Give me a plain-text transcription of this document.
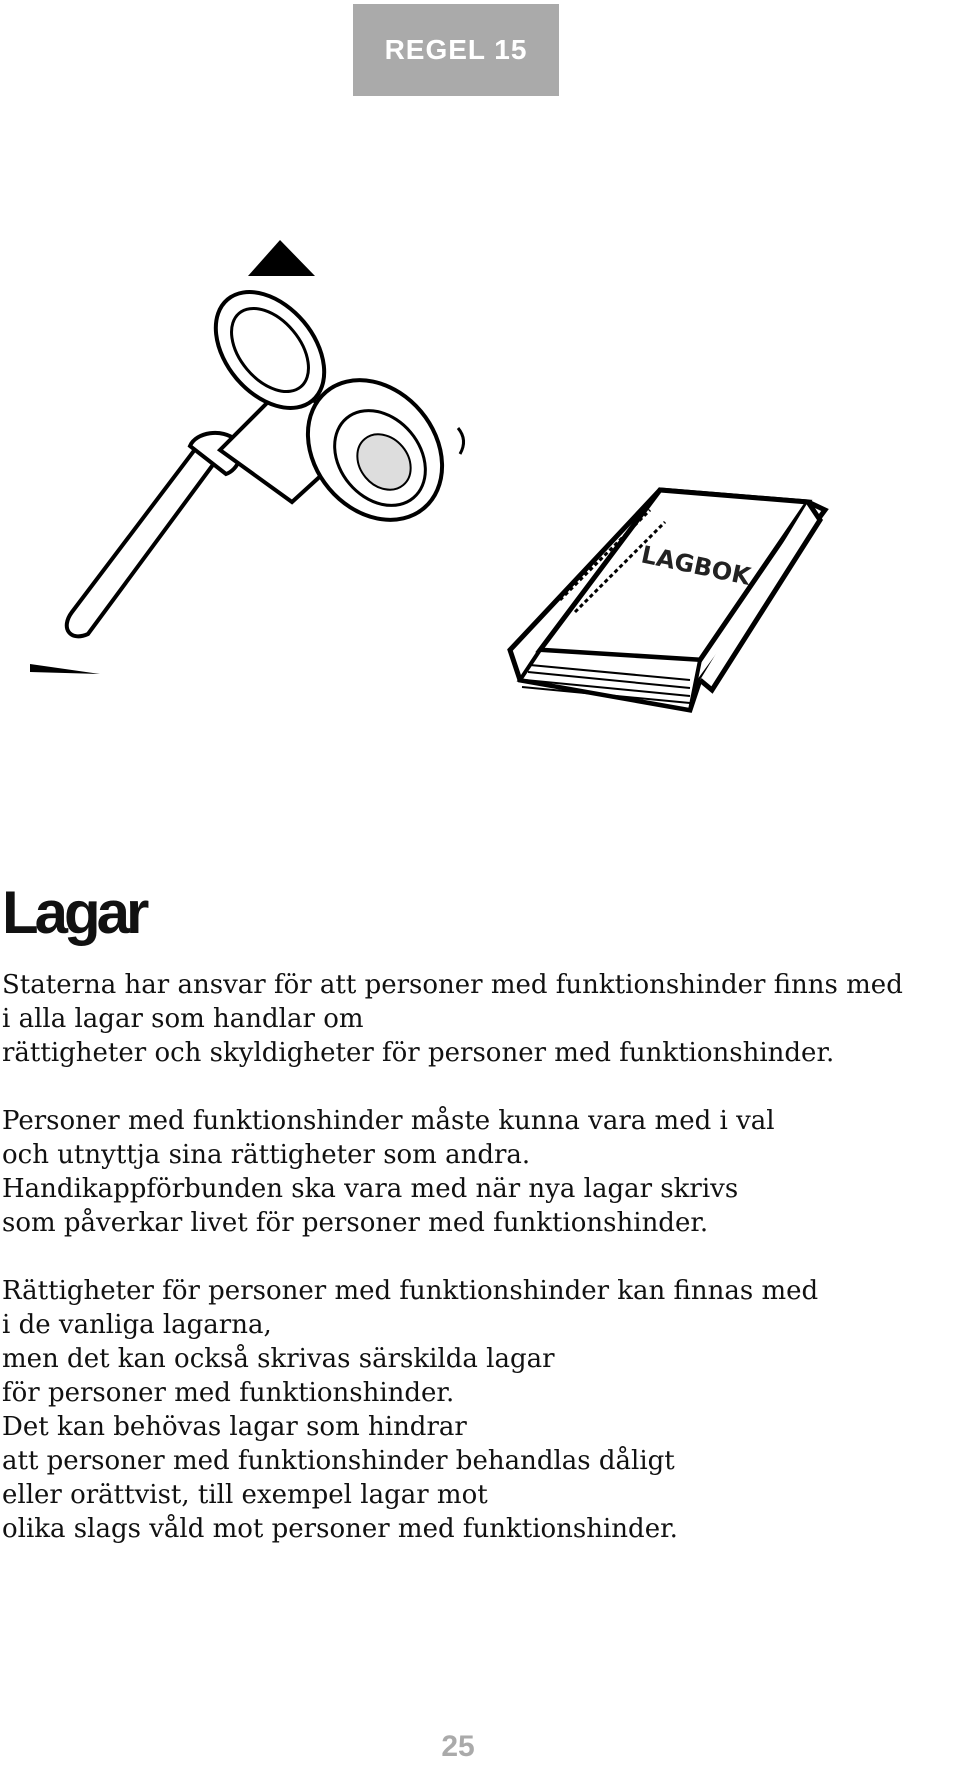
REGEL 15
LAGBOK
Lagar

Staterna har ansvar för att personer med funktionshinder finns med
i alla lagar som handlar om
rättigheter och skyldigheter för personer med funktionshinder.

Personer med funktionshinder måste kunna vara med i val
och utnyttja sina rättigheter som andra.
Handikappförbunden ska vara med när nya lagar skrivs
som påverkar livet för personer med funktionshinder.

Rättigheter för personer med funktionshinder kan finnas med
i de vanliga lagarna,
men det kan också skrivas särskilda lagar
för personer med funktionshinder.
Det kan behövas lagar som hindrar
att personer med funktionshinder behandlas dåligt
eller orättvist, till exempel lagar mot
olika slags våld mot personer med funktionshinder.

25
